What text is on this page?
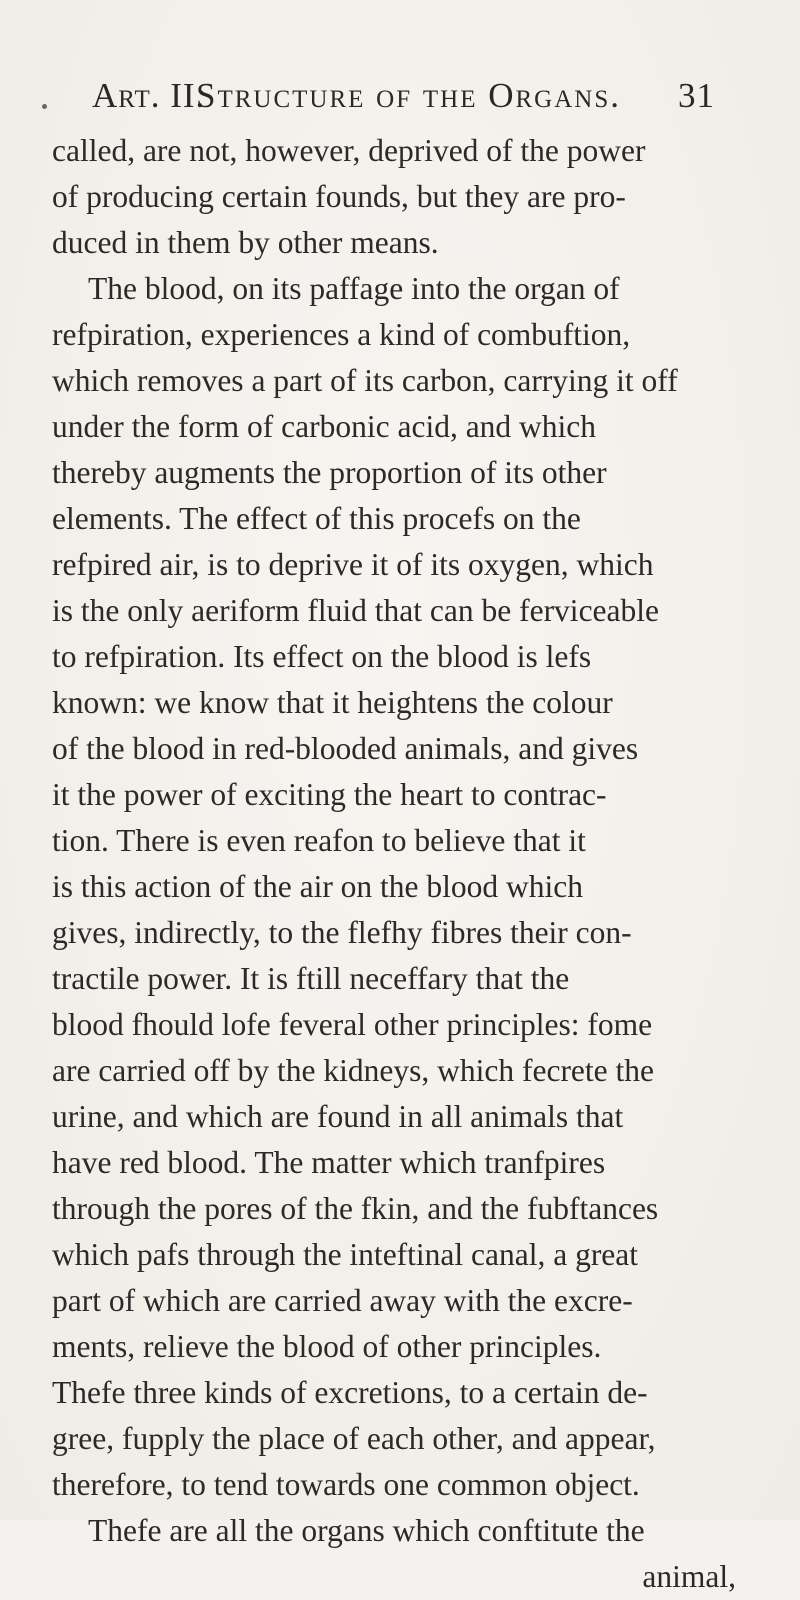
Art. II.
Structure of the Organs. 31
called, are not, however, deprived of the power
of producing certain founds, but they are pro-
duced in them by other means.
The blood, on its paffage into the organ of
refpiration, experiences a kind of combuftion,
which removes a part of its carbon, carrying it off
under the form of carbonic acid, and which
thereby augments the proportion of its other
elements. The effect of this procefs on the
refpired air, is to deprive it of its oxygen, which
is the only aeriform fluid that can be ferviceable
to refpiration. Its effect on the blood is lefs
known: we know that it heightens the colour
of the blood in red-blooded animals, and gives
it the power of exciting the heart to contrac-
tion. There is even reafon to believe that it
is this action of the air on the blood which
gives, indirectly, to the flefhy fibres their con-
tractile power. It is ftill neceffary that the
blood fhould lofe feveral other principles: fome
are carried off by the kidneys, which fecrete the
urine, and which are found in all animals that
have red blood. The matter which tranfpires
through the pores of the fkin, and the fubftances
which pafs through the inteftinal canal, a great
part of which are carried away with the excre-
ments, relieve the blood of other principles.
Thefe three kinds of excretions, to a certain de-
gree, fupply the place of each other, and appear,
therefore, to tend towards one common object.
Thefe are all the organs which conftitute the
animal,
